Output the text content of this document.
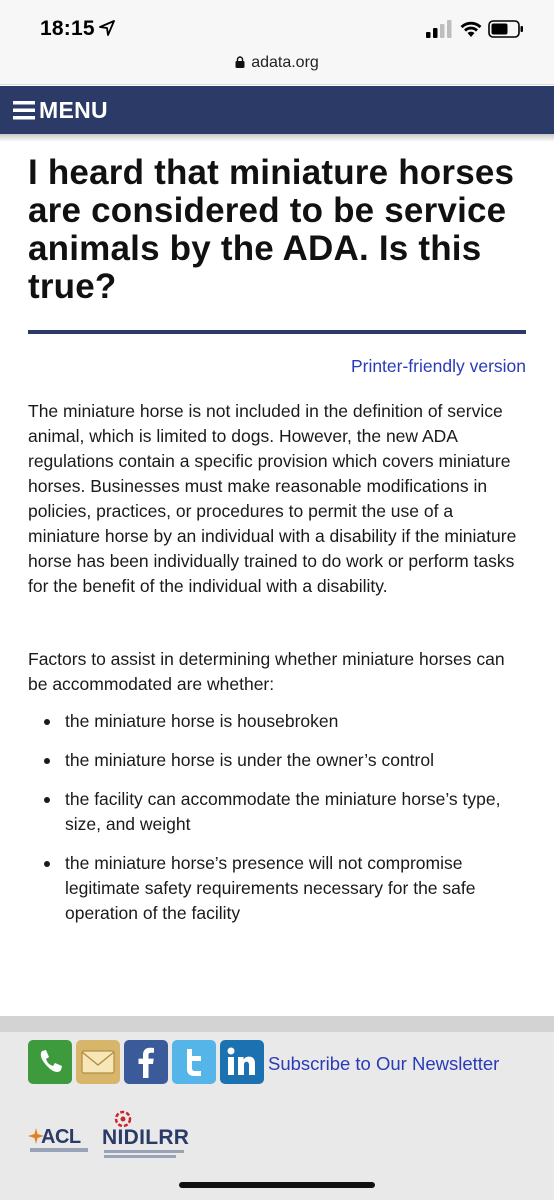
18:15
adata.org
MENU
I heard that miniature horses are considered to be service animals by the ADA. Is this true?
Printer-friendly version

The miniature horse is not included in the definition of service animal, which is limited to dogs. However, the new ADA regulations contain a specific provision which covers miniature horses. Businesses must make reasonable modifications in policies, practices, or procedures to permit the use of a miniature horse by an individual with a disability if the miniature horse has been individually trained to do work or perform tasks for the benefit of the individual with a disability.

Factors to assist in determining whether miniature horses can be accommodated are whether:

the miniature horse is housebroken
the miniature horse is under the owner’s control
the facility can accommodate the miniature horse’s type, size, and weight
the miniature horse’s presence will not compromise legitimate safety requirements necessary for the safe operation of the facility
Subscribe to Our Newsletter
ACL NIDILRR
